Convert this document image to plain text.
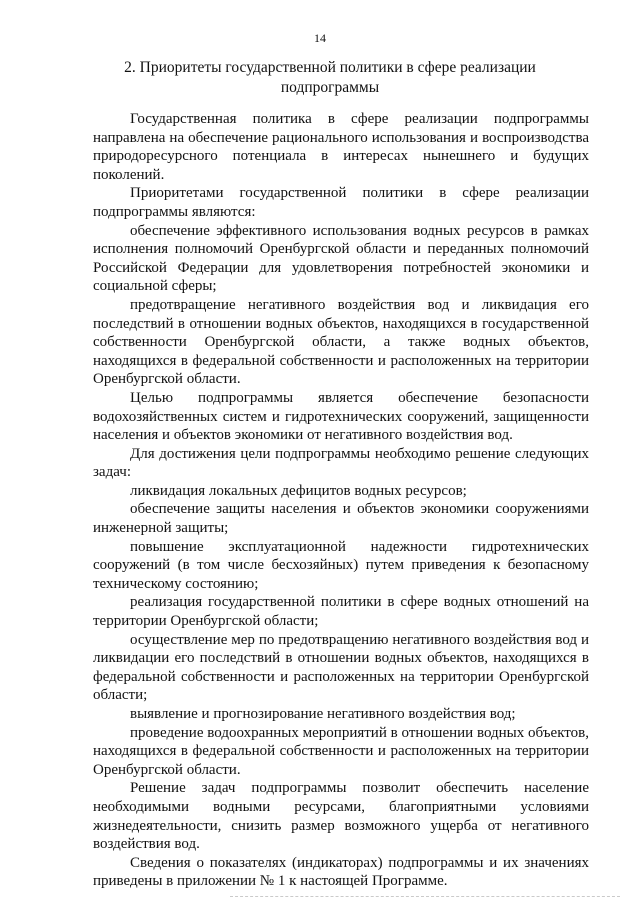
14
2. Приоритеты государственной политики в сфере реализации
подпрограммы

Государственная политика в сфере реализации подпрограммы направлена на обеспечение рационального использования и воспроизводства природоресурсного потенциала в интересах нынешнего и будущих поколений.

Приоритетами государственной политики в сфере реализации подпрограммы являются:

обеспечение эффективного использования водных ресурсов в рамках исполнения полномочий Оренбургской области и переданных полномочий Российской Федерации для удовлетворения потребностей экономики и социальной сферы;

предотвращение негативного воздействия вод и ликвидация его последствий в отношении водных объектов, находящихся в государственной собственности Оренбургской области, а также водных объектов, находящихся в федеральной собственности и расположенных на территории Оренбургской области.

Целью подпрограммы является обеспечение безопасности водохозяйственных систем и гидротехнических сооружений, защищенности населения и объектов экономики от негативного воздействия вод.

Для достижения цели подпрограммы необходимо решение следующих задач:

ликвидация локальных дефицитов водных ресурсов;

обеспечение защиты населения и объектов экономики сооружениями инженерной защиты;

повышение эксплуатационной надежности гидротехнических сооружений (в том числе бесхозяйных) путем приведения к безопасному техническому состоянию;

реализация государственной политики в сфере водных отношений на территории Оренбургской области;

осуществление мер по предотвращению негативного воздействия вод и ликвидации его последствий в отношении водных объектов, находящихся в федеральной собственности и расположенных на территории Оренбургской области;

выявление и прогнозирование негативного воздействия вод;

проведение водоохранных мероприятий в отношении водных объектов, находящихся в федеральной собственности и расположенных на территории Оренбургской области.

Решение задач подпрограммы позволит обеспечить население необходимыми водными ресурсами, благоприятными условиями жизнедеятельности, снизить размер возможного ущерба от негативного воздействия вод.

Сведения о показателях (индикаторах) подпрограммы и их значениях приведены в приложении № 1 к настоящей Программе.
